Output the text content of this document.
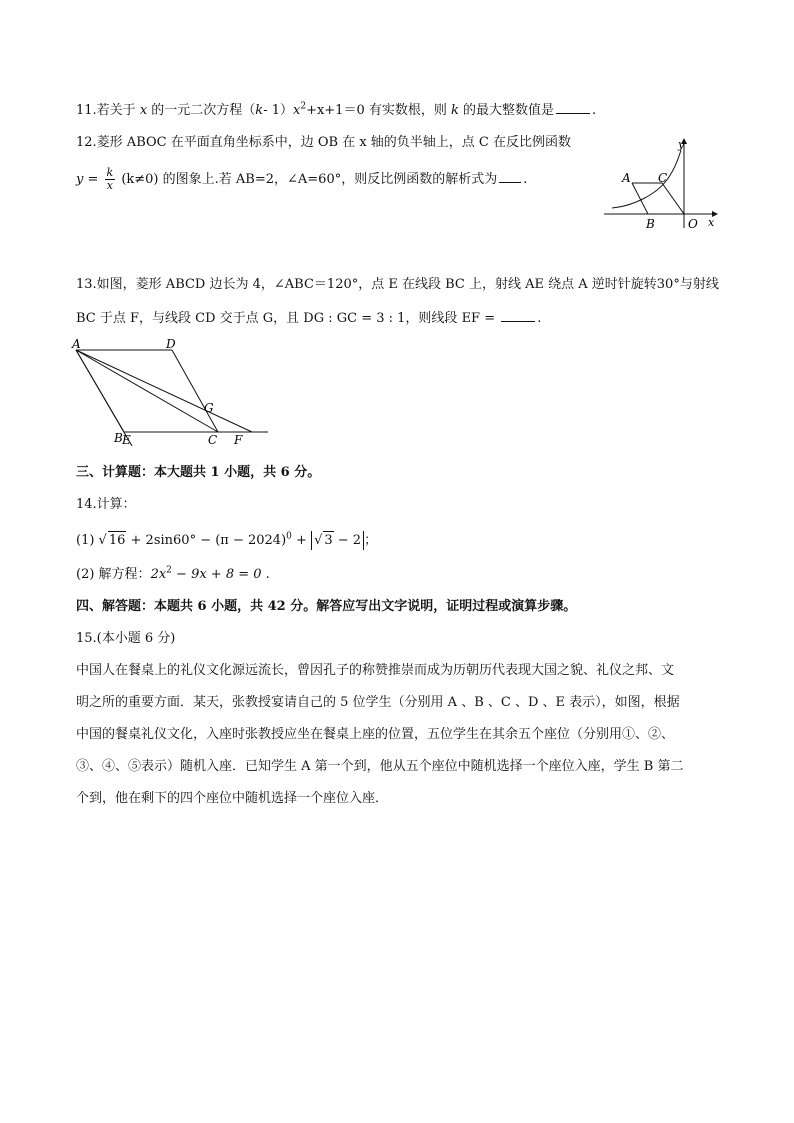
11.若关于 x 的一元二次方程（k- $1)x^2+x+1=0$ 有实数根，则 k 的最大整数值是	.
12.菱形 ABOC 在平面直角坐标系中，边 OB 在 x 轴的负半轴上，点 C 在反比例函数
$y = \frac{k}{x} (k\ne 0)$ 的图象上.若 AB=2，∠A=60°，则反比例函数的解析式为 .
y
x
A C
B	O
13.如图，菱形 ABCD 边长为 4，∠ABC＝120°，点 E 在线段 BC 上，射线 AE 绕点 A 逆时针旋转30°与射线
BC 于点 F，与线段 CD 交于点 G，且 DG : GC = 3 : 1，则线段 EF =	.
A	D
G
B E	C F
三、计算题：本大题共 1 小题，共 6 分。
14.计算：
(1) √ $16 + 2\sin 60^\circ - (\pi - 2024)^0$ + √ 3 − 2 ；
(2) 解方程：$2x^2 - 9x + 8 = 0$ .
四、解答题：本题共 6 小题，共 42 分。解答应写出文字说明，证明过程或演算步骤。
15.(本小题 6 分)
中国人在餐桌上的礼仪文化源远流长，曾因孔子的称赞推崇而成为历朝历代表现大国之貌、礼仪之邦、文
明之所的重要方面．某天，张教授宴请自己的 5 位学生（分别用 A 、B 、C 、D 、E 表示），如图，根据
中国的餐桌礼仪文化，入座时张教授应坐在餐桌上座的位置，五位学生在其余五个座位（分别用①、②、
③、④、⑤表示）随机入座．已知学生 A 第一个到，他从五个座位中随机选择一个座位入座，学生 B 第二
个到，他在剩下的四个座位中随机选择一个座位入座．
